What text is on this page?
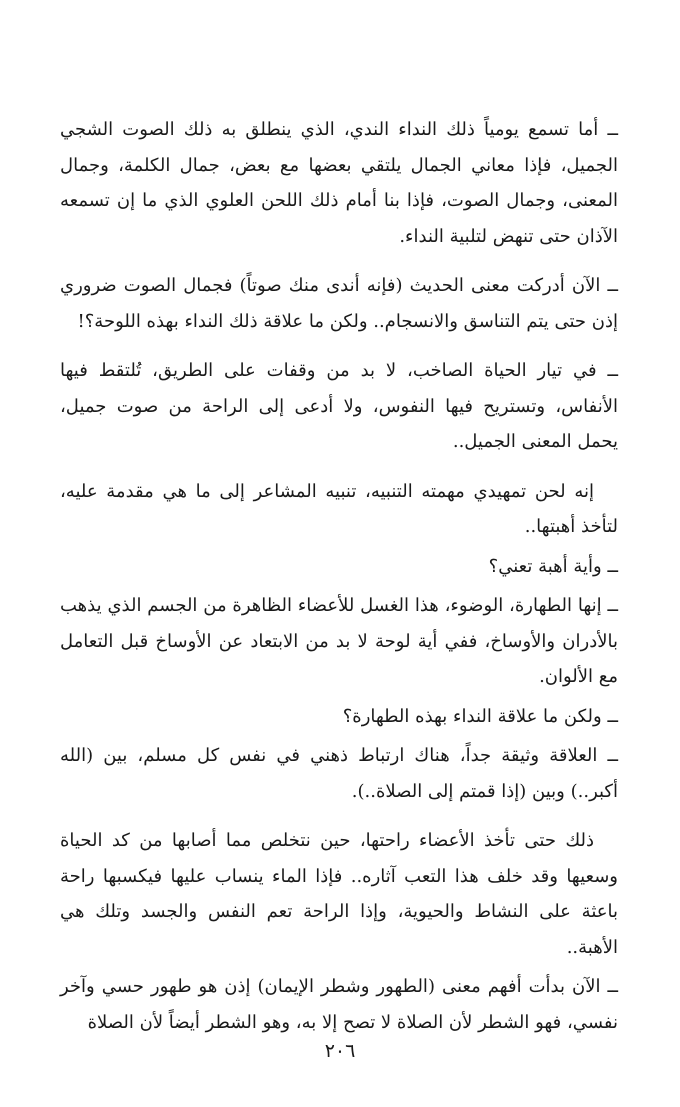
ــ أما تسمع يومياً ذلك النداء الندي، الذي ينطلق به ذلك الصوت الشجي الجميل، فإذا معاني الجمال يلتقي بعضها مع بعض، جمال الكلمة، وجمال المعنى، وجمال الصوت، فإذا بنا أمام ذلك اللحن العلوي الذي ما إن تسمعه الآذان حتى تنهض لتلبية النداء.

ــ الآن أدركت معنى الحديث (فإنه أندى منك صوتاً) فجمال الصوت ضروري إذن حتى يتم التناسق والانسجام.. ولكن ما علاقة ذلك النداء بهذه اللوحة؟!

ــ في تيار الحياة الصاخب، لا بد من وقفات على الطريق، تُلتقط فيها الأنفاس، وتستريح فيها النفوس، ولا أدعى إلى الراحة من صوت جميل، يحمل المعنى الجميل..

إنه لحن تمهيدي مهمته التنبيه، تنبيه المشاعر إلى ما هي مقدمة عليه، لتأخذ أهبتها..

ــ وأية أهبة تعني؟

ــ إنها الطهارة، الوضوء، هذا الغسل للأعضاء الظاهرة من الجسم الذي يذهب بالأدران والأوساخ، ففي أية لوحة لا بد من الابتعاد عن الأوساخ قبل التعامل مع الألوان.

ــ ولكن ما علاقة النداء بهذه الطهارة؟

ــ العلاقة وثيقة جداً، هناك ارتباط ذهني في نفس كل مسلم، بين (الله أكبر..) وبين (إذا قمتم إلى الصلاة..).

ذلك حتى تأخذ الأعضاء راحتها، حين نتخلص مما أصابها من كد الحياة وسعيها وقد خلف هذا التعب آثاره.. فإذا الماء ينساب عليها فيكسبها راحة باعثة على النشاط والحيوية، وإذا الراحة تعم النفس والجسد وتلك هي الأهبة..

ــ الآن بدأت أفهم معنى (الطهور وشطر الإيمان) إذن هو طهور حسي وآخر نفسي، فهو الشطر لأن الصلاة لا تصح إلا به، وهو الشطر أيضاً لأن الصلاة

٢٠٦
